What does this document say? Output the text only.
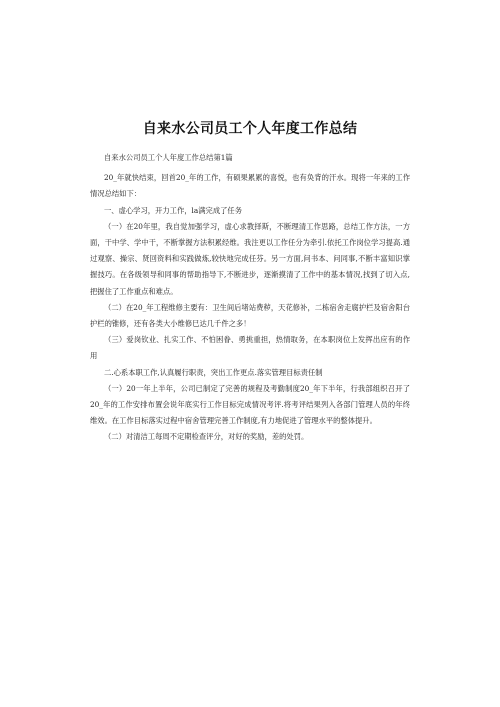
自来水公司员工个人年度工作总结

自来水公司员工个人年度工作总结第1篇

20_年就快结束，回首20_年的工作，有硕果累累的喜悦，也有奂背的汗水。现将一年来的工作情况总结如下：

一、虚心学习，开力工作，la满完成了任务

（一）在20年里，我自觉加强学习，虚心求教择斯，不断理清工作思路，总结工作方法，一方面，干中学、学中干，不断掌握方法积累经维。我注更以工作任分为牵引.依托工作岗位学习提高.通过观察、操宗、贤回资料和实践做炼,较快地完成任芬。另一方面,问书本、问同事,不断丰富知识掌握技巧。在各级领导和同事的帮助指导下,不断进步，逐渐摸清了工作中的基本情况,找到了切入点,把握住了工作重点和难点。

（二）在20_年工程维修主要有：卫生间后堵站费秽，天花修补，二栋宿舍走腐护栏及宿舍阳台护栏的锥修，还有各类大小维修巳达几千件之多！

（三）爱岗钦业、扎实工作、不怕困眷、勇挑重担，热情取务，在本职岗位上发挥出应有的作用

二.心系本职工作,认真履行职责，突出工作更点.落实管理目标责任制

（一）20一年上半年，公司已制定了完善的规程及考勤制度20_年下半年，行我部组织召开了20_年的工作安排布置会说年底实行工作目标完成情况考评.将考评结果列入各部门管理人员的年终维效。在工作目标落实过程中宿舍管理完善工作制度,有力地促进了管理水平的整体提升。

（二）对清洁工每周不定期检查评分，对好的奖励，差的处罚。
